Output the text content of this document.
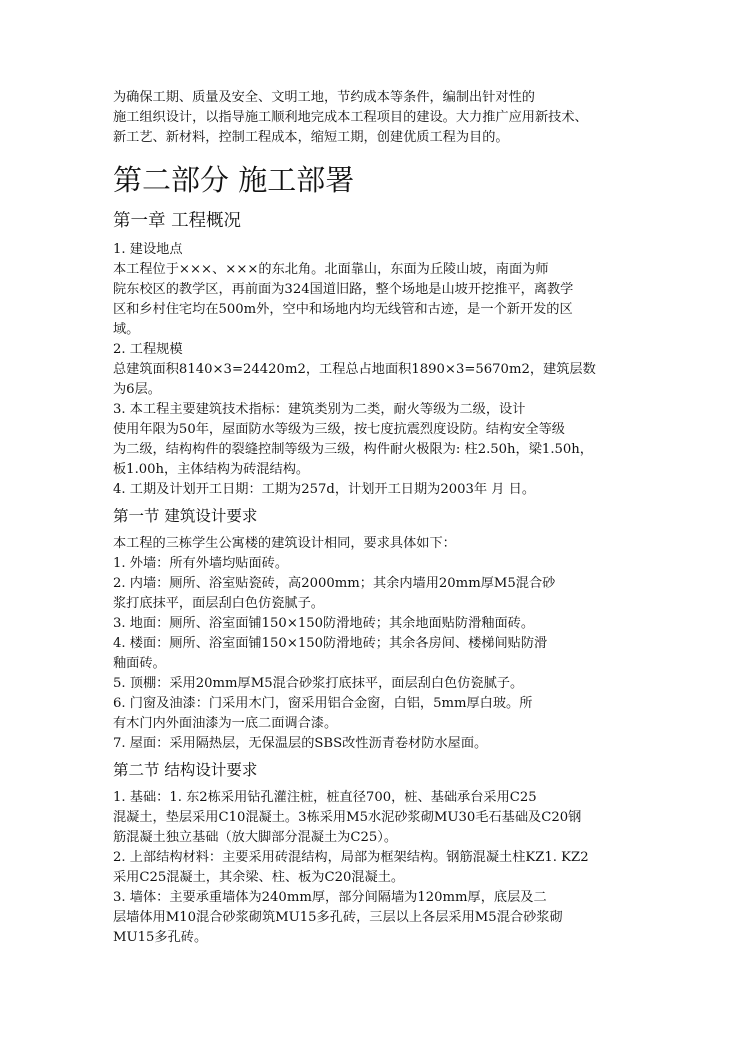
为确保工期、质量及安全、文明工地，节约成本等条件，编制出针对性的

施工组织设计，以指导施工顺利地完成本工程项目的建设。大力推广应用新技术、

新工艺、新材料，控制工程成本，缩短工期，创建优质工程为目的。

第二部分 施工部署
第一章 工程概况

1. 建设地点

本工程位于×××、×××的东北角。北面靠山，东面为丘陵山坡，南面为师

院东校区的教学区，再前面为324国道旧路，整个场地是山坡开挖推平，离教学

区和乡村住宅均在500m外，空中和场地内均无线管和古迹，是一个新开发的区

域。

2. 工程规模

总建筑面积8140×3=24420m2，工程总占地面积1890×3=5670m2，建筑层数

为6层。

3. 本工程主要建筑技术指标：建筑类别为二类，耐火等级为二级，设计

使用年限为50年，屋面防水等级为三级，按七度抗震烈度设防。结构安全等级

为二级，结构构件的裂缝控制等级为三级，构件耐火极限为: 柱2.50h，梁1.50h，

板1.00h，主体结构为砖混结构。

4. 工期及计划开工日期：工期为257d，计划开工日期为2003年 月 日。

第一节 建筑设计要求

本工程的三栋学生公寓楼的建筑设计相同，要求具体如下：

1. 外墙：所有外墙均贴面砖。

2. 内墙：厕所、浴室贴瓷砖，高2000mm；其余内墙用20mm厚M5混合砂

浆打底抹平，面层刮白色仿瓷腻子。

3. 地面：厕所、浴室面铺150×150防滑地砖；其余地面贴防滑釉面砖。

4. 楼面：厕所、浴室面铺150×150防滑地砖；其余各房间、楼梯间贴防滑

釉面砖。

5. 顶棚：采用20mm厚M5混合砂浆打底抹平，面层刮白色仿瓷腻子。

6. 门窗及油漆：门采用木门，窗采用铝合金窗，白铝，5mm厚白玻。所

有木门内外面油漆为一底二面调合漆。

7. 屋面：采用隔热层，无保温层的SBS改性沥青卷材防水屋面。

第二节 结构设计要求

1. 基础：1. 东2栋采用钻孔灌注桩，桩直径700，桩、基础承台采用C25

混凝土，垫层采用C10混凝土。3栋采用M5水泥砂浆砌MU30毛石基础及C20钢

筋混凝土独立基础（放大脚部分混凝土为C25）。

2. 上部结构材料：主要采用砖混结构，局部为框架结构。钢筋混凝土柱KZ1. KZ2

采用C25混凝土，其余梁、柱、板为C20混凝土。

3. 墙体：主要承重墙体为240mm厚，部分间隔墙为120mm厚，底层及二

层墙体用M10混合砂浆砌筑MU15多孔砖，三层以上各层采用M5混合砂浆砌

MU15多孔砖。
